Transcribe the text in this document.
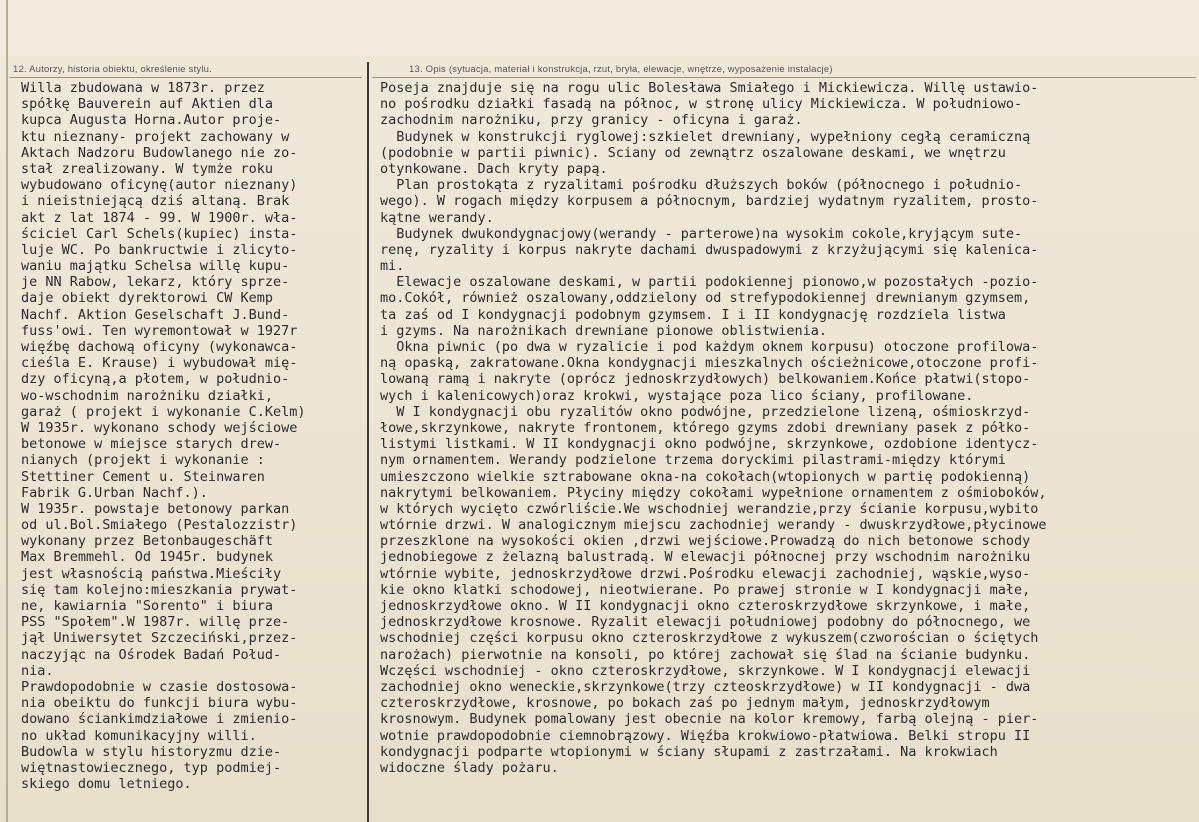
12. Autorzy, historia obiektu, określenie stylu.	13. Opis (sytuacja, materiał i konstrukcja, rzut, bryła, elewacje, wnętrze, wyposażenie instalacje)
Willa zbudowana w 1873r. przez
spółkę Bauverein auf Aktien dla
kupca Augusta Horna.Autor proje-
ktu nieznany- projekt zachowany w
Aktach Nadzoru Budowlanego nie zo-
stał zrealizowany. W tymże roku
wybudowano oficynę(autor nieznany)
i nieistniejącą dziś altaną. Brak
akt z lat 1874 - 99. W 1900r. wła-
ściciel Carl Schels(kupiec) insta-
luje WC. Po bankructwie i zlicyto-
waniu majątku Schelsa willę kupu-
je NN Rabow, lekarz, który sprze-
daje obiekt dyrektorowi CW Kemp
Nachf. Aktion Geselschaft J.Bund-
fuss'owi. Ten wyremontował w 1927r
więźbę dachową oficyny (wykonawca-
cieśla E. Krause) i wybudował mię-
dzy oficyną,a płotem, w południo-
wo-wschodnim narożniku działki,
garaż ( projekt i wykonanie C.Kelm)
W 1935r. wykonano schody wejściowe
betonowe w miejsce starych drew-
nianych (projekt i wykonanie :
Stettiner Cement u. Steinwaren
Fabrik G.Urban Nachf.).
W 1935r. powstaje betonowy parkan
od ul.Bol.Smiałego (Pestalozzistr)
wykonany przez Betonbaugeschäft
Max Bremmehl. Od 1945r. budynek
jest własnością państwa.Mieściły
się tam kolejno:mieszkania prywat-
ne, kawiarnia "Sorento" i biura
PSS "Społem".W 1987r. willę prze-
jął Uniwersytet Szczeciński,przez-
naczyjąc na Ośrodek Badań Połud-
nia.
Prawdopodobnie w czasie dostosowa-
nia obeiktu do funkcji biura wybu-
dowano ściankimdziałowe i zmienio-
no układ komunikacyjny willi.
Budowla w stylu historyzmu dzie-
więtnastowiecznego, typ podmiej-
skiego domu letniego.
Poseja znajduje się na rogu ulic Bolesława Smiałego i Mickiewicza. Willę ustawio-
no pośrodku działki fasadą na północ, w stronę ulicy Mickiewicza. W południowo-
zachodnim narożniku, przy granicy - oficyna i garaż.
Budynek w konstrukcji ryglowej:szkielet drewniany, wypełniony cegłą ceramiczną
(podobnie w partii piwnic). Sciany od zewnątrz oszalowane deskami, we wnętrzu
otynkowane. Dach kryty papą.
Plan prostokąta z ryzalitami pośrodku dłuższych boków (północnego i południo-
wego). W rogach między korpusem a północnym, bardziej wydatnym ryzalitem, prosto-
kątne werandy.
Budynek dwukondygnacjowy(werandy - parterowe)na wysokim cokole,kryjącym sute-
renę, ryzality i korpus nakryte dachami dwuspadowymi z krzyżującymi się kalenica-
mi.
Elewacje oszalowane deskami, w partii podokiennej pionowo,w pozostałych -pozio-
mo.Cokół, również oszalowany,oddzielony od strefypodokiennej drewnianym gzymsem,
ta zaś od I kondygnacji podobnym gzymsem. I i II kondygnację rozdziela listwa
i gzyms. Na narożnikach drewniane pionowe oblistwienia.
Okna piwnic (po dwa w ryzalicie i pod każdym oknem korpusu) otoczone profilowa-
ną opaską, zakratowane.Okna kondygnacji mieszkalnych ościeżnicowe,otoczone profi-
lowaną ramą i nakryte (oprócz jednoskrzydłowych) belkowaniem.Końce płatwi(stopo-
wych i kalenicowych)oraz krokwi, wystające poza lico ściany, profilowane.
W I kondygnacji obu ryzalitów okno podwójne, przedzielone lizeną, ośmioskrzyd-
łowe,skrzynkowe, nakryte frontonem, którego gzyms zdobi drewniany pasek z półko-
listymi listkami. W II kondygnacji okno podwójne, skrzynkowe, ozdobione identycz-
nym ornamentem. Werandy podzielone trzema doryckimi pilastrami-między którymi
umieszczono wielkie sztrabowane okna-na cokołach(wtopionych w partię podokienną)
nakrytymi belkowaniem. Płyciny między cokołami wypełnione ornamentem z ośmioboków,
w których wycięto czwórliście.We wschodniej werandzie,przy ścianie korpusu,wybito
wtórnie drzwi. W analogicznym miejscu zachodniej werandy - dwuskrzydłowe,płycinowe
przeszklone na wysokości okien ,drzwi wejściowe.Prowadzą do nich betonowe schody
jednobiegowe z żelazną balustradą. W elewacji północnej przy wschodnim narożniku
wtórnie wybite, jednoskrzydłowe drzwi.Pośrodku elewacji zachodniej, wąskie,wyso-
kie okno klatki schodowej, nieotwierane. Po prawej stronie w I kondygnacji małe,
jednoskrzydłowe okno. W II kondygnacji okno czteroskrzydłowe skrzynkowe, i małe,
jednoskrzydłowe krosnowe. Ryzalit elewacji południowej podobny do północnego, we
wschodniej części korpusu okno czteroskrzydłowe z wykuszem(czworościan o ściętych
narożach) pierwotnie na konsoli, po której zachował się ślad na ścianie budynku.
Wczęści wschodniej - okno czteroskrzydłowe, skrzynkowe. W I kondygnacji elewacji
zachodniej okno weneckie,skrzynkowe(trzy czteoskrzydłowe) w II kondygnacji - dwa
czteroskrzydłowe, krosnowe, po bokach zaś po jednym małym, jednoskrzydłowym
krosnowym. Budynek pomalowany jest obecnie na kolor kremowy, farbą olejną - pier-
wotnie prawdopodobnie ciemnobrązowy. Więźba krokwiowo-płatwiowa. Belki stropu II
kondygnacji podparte wtopionymi w ściany słupami z zastrzałami. Na krokwiach
widoczne ślady pożaru.
